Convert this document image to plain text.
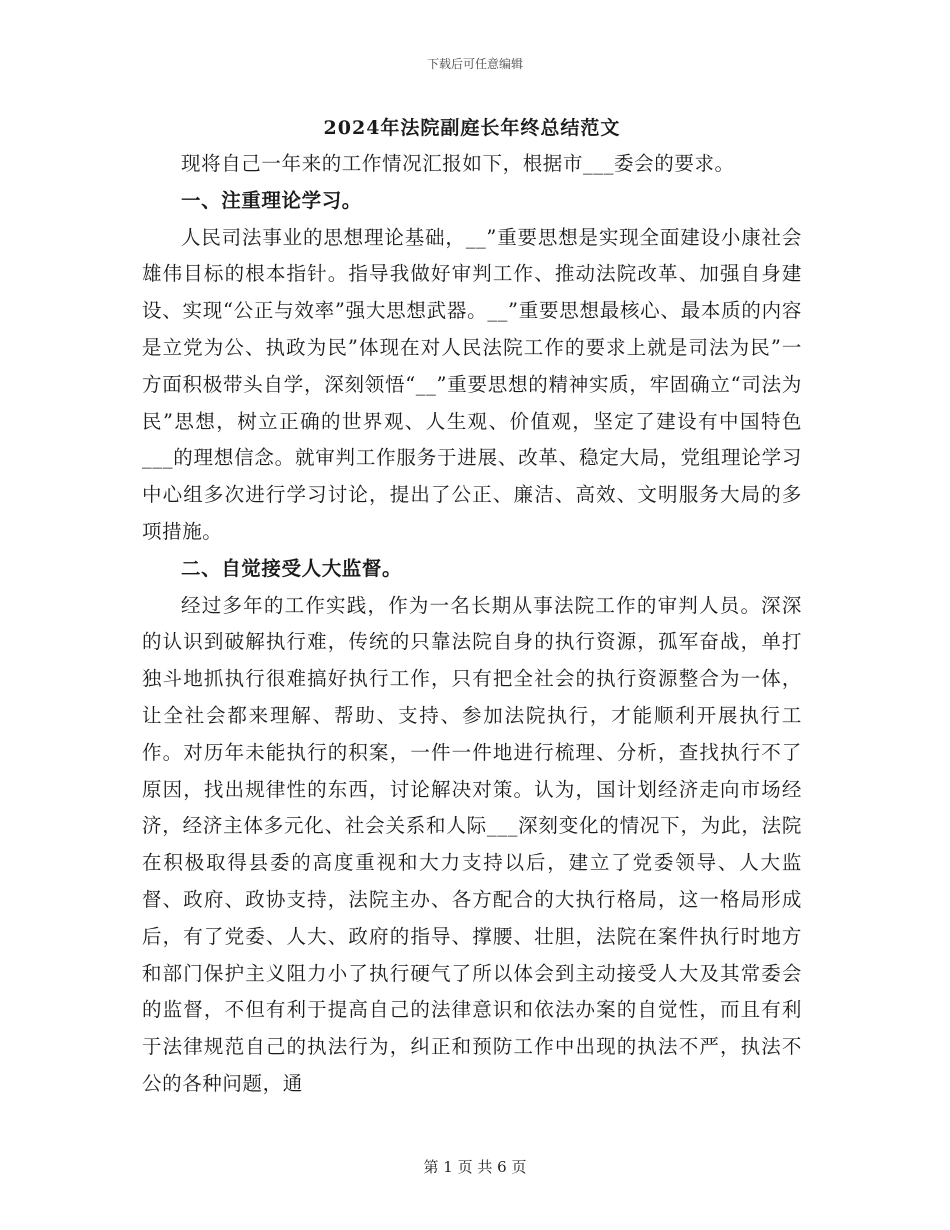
下载后可任意编辑
2024年法院副庭长年终总结范文

现将自己一年来的工作情况汇报如下，根据市___委会的要求。

一、注重理论学习。

人民司法事业的思想理论基础，__”重要思想是实现全面建设小康社会雄伟目标的根本指针。指导我做好审判工作、推动法院改革、加强自身建设、实现“公正与效率”强大思想武器。__”重要思想最核心、最本质的内容是立党为公、执政为民”体现在对人民法院工作的要求上就是司法为民”一方面积极带头自学，深刻领悟“__”重要思想的精神实质，牢固确立“司法为民”思想，树立正确的世界观、人生观、价值观，坚定了建设有中国特色___的理想信念。就审判工作服务于进展、改革、稳定大局，党组理论学习中心组多次进行学习讨论，提出了公正、廉洁、高效、文明服务大局的多项措施。

二、自觉接受人大监督。

经过多年的工作实践，作为一名长期从事法院工作的审判人员。深深的认识到破解执行难，传统的只靠法院自身的执行资源，孤军奋战，单打独斗地抓执行很难搞好执行工作，只有把全社会的执行资源整合为一体，让全社会都来理解、帮助、支持、参加法院执行，才能顺利开展执行工作。对历年未能执行的积案，一件一件地进行梳理、分析，查找执行不了原因，找出规律性的东西，讨论解决对策。认为，国计划经济走向市场经济，经济主体多元化、社会关系和人际___深刻变化的情况下，为此，法院在积极取得县委的高度重视和大力支持以后，建立了党委领导、人大监督、政府、政协支持，法院主办、各方配合的大执行格局，这一格局形成后，有了党委、人大、政府的指导、撑腰、壮胆，法院在案件执行时地方和部门保护主义阻力小了执行硬气了所以体会到主动接受人大及其常委会的监督，不但有利于提高自己的法律意识和依法办案的自觉性，而且有利于法律规范自己的执法行为，纠正和预防工作中出现的执法不严，执法不公的各种问题，通

第 1 页 共 6 页
